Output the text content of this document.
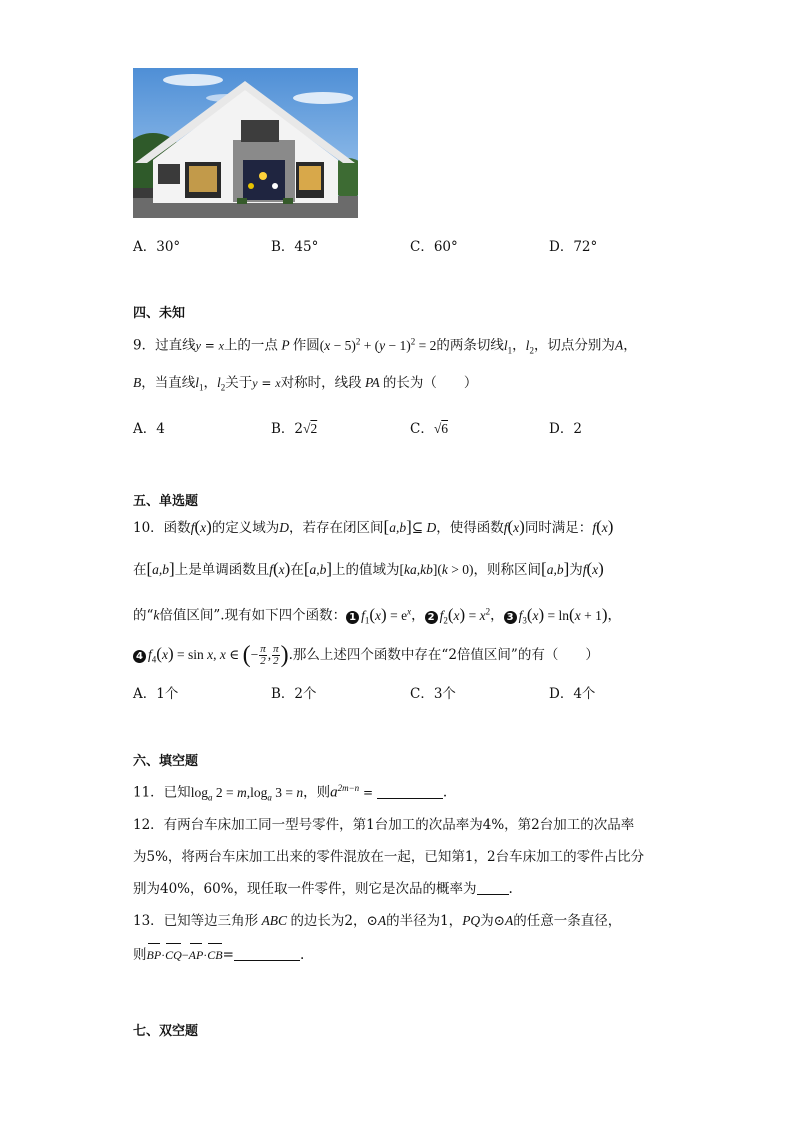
A．30°	B．45°	C．60°	D．72°
四、未知
9．过直线y = x上的一点 P 作圆$(x - 5)^2 + (y - 1)^2 = 2$的两条切线$l_1$，$l_2$，切点分别为A，
B，当直线$l_1$，$l_2$关于y = x对称时，线段 PA 的长为（　　）
A．4	B．2√2	C．√6	D．2
五、单选题
10．函数f(x)的定义域为D，若存在闭区间[a,b]⊆ D，使得函数f(x)同时满足：f(x)
在[a,b]上是单调函数且f(x)在[a,b]上的值域为[ka,kb](k > 0)，则称区间[a,b]为f(x)
的“k倍值区间”.现有如下四个函数： 1 $f_1(x) = e^x$， 2 $f_2(x) = x^2$， 3 $f_3(x) = \ln(x + 1)$，
4 $f_4(x) = \sin x$, x ∈ (− $\frac{\pi}{2}$ , $\frac{\pi}{2}$ ).那么上述四个函数中存在“2倍值区间”的有（　　）
A．1个	B．2个	C．3个	D．4个
六、填空题
11．已知$\log_a 2 = m,\log_a$ 3 = n，则$a^{2m-n}$ =	.
12．有两台车床加工同一型号零件，第1台加工的次品率为4%，第2台加工的次品率
为5%，将两台车床加工出来的零件混放在一起，已知第1，2台车床加工的零件占比分
别为40%，60%，现任取一件零件，则它是次品的概率为 .
13．已知等边三角形 ABC 的边长为2，⊙A的半径为1，PQ为⊙A的任意一条直径，
则BP·CQ−AP·CB=	.
七、双空题
